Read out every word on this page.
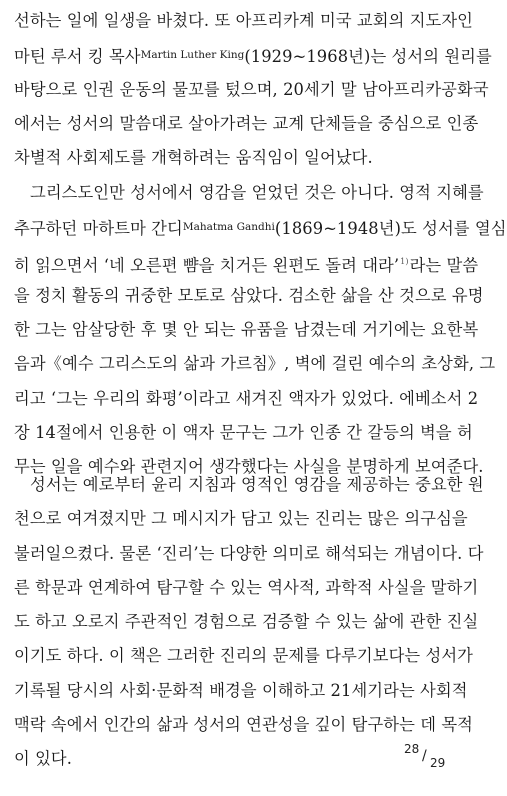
선하는 일에 일생을 바쳤다. 또 아프리카계 미국 교회의 지도자인
마틴 루서 킹 목사$^{Martin Luther King}$(1929~1968년)는 성서의 원리를
바탕으로 인권 운동의 물꼬를 텄으며, 20세기 말 남아프리카공화국
에서는 성서의 말씀대로 살아가려는 교계 단체들을 중심으로 인종
차별적 사회제도를 개혁하려는 움직임이 일어났다.
그리스도인만 성서에서 영감을 얻었던 것은 아니다. 영적 지혜를
추구하던 마하트마 간디$^{Mahatma Gandhi}$(1869~1948년)도 성서를 열심
히 읽으면서 ‘네 오른편 뺨을 치거든 왼편도 돌려 대라’$^{1)}$라는 말씀
을 정치 활동의 귀중한 모토로 삼았다. 검소한 삶을 산 것으로 유명
한 그는 암살당한 후 몇 안 되는 유품을 남겼는데 거기에는 요한복
음과《예수 그리스도의 삶과 가르침》, 벽에 걸린 예수의 초상화, 그
리고 ‘그는 우리의 화평’이라고 새겨진 액자가 있었다. 에베소서 2
장 14절에서 인용한 이 액자 문구는 그가 인종 간 갈등의 벽을 허
무는 일을 예수와 관련지어 생각했다는 사실을 분명하게 보여준다.
성서는 예로부터 윤리 지침과 영적인 영감을 제공하는 중요한 원
천으로 여겨졌지만 그 메시지가 담고 있는 진리는 많은 의구심을
불러일으켰다. 물론 ‘진리’는 다양한 의미로 해석되는 개념이다. 다
른 학문과 연계하여 탐구할 수 있는 역사적, 과학적 사실을 말하기
도 하고 오로지 주관적인 경험으로 검증할 수 있는 삶에 관한 진실
이기도 하다. 이 책은 그러한 진리의 문제를 다루기보다는 성서가
기록될 당시의 사회·문화적 배경을 이해하고 21세기라는 사회적
맥락 속에서 인간의 삶과 성서의 연관성을 깊이 탐구하는 데 목적
이 있다.
28 / 29
